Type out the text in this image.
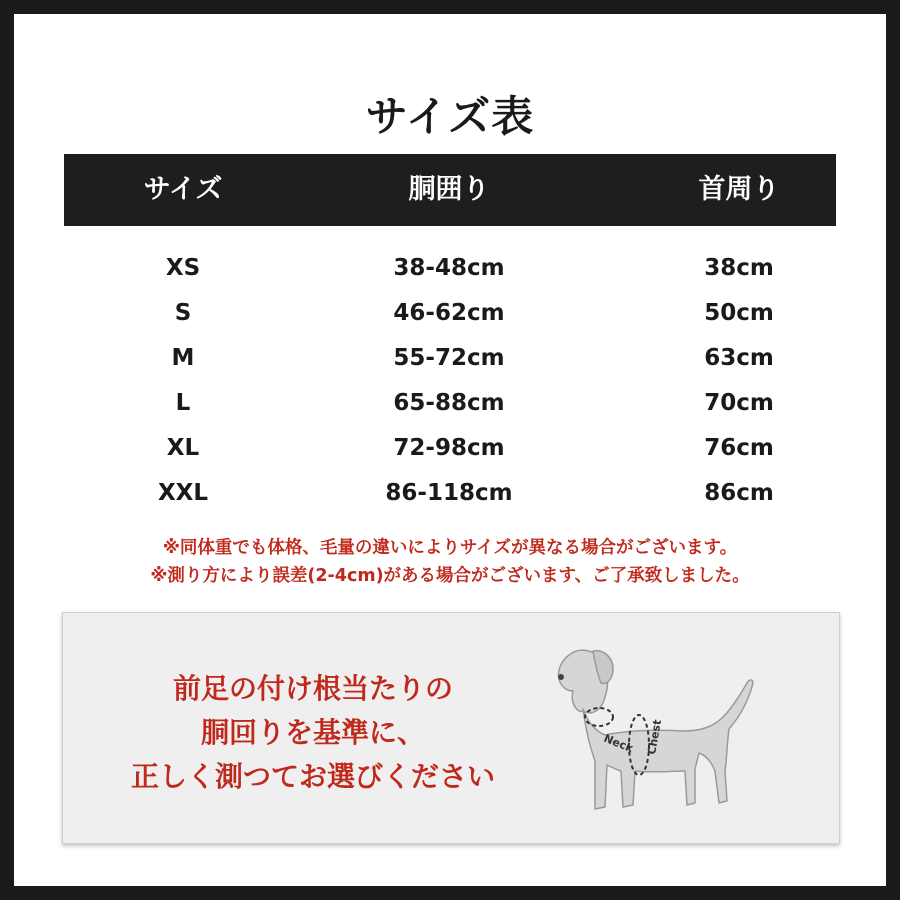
サイズ表
サイズ	胴囲り	首周り
XS	38-48cm	38cm
S	46-62cm	50cm
M	55-72cm	63cm
L	65-88cm	70cm
XL	72-98cm	76cm
XXL	86-118cm	86cm
※同体重でも体格、毛量の違いによりサイズが異なる場合がございます。
※測り方により誤差(2-4cm)がある場合がございます、ご了承致しました。
前足の付け根当たりの
胴回りを基準に、
正しく測つてお選びください
Neck Chest
